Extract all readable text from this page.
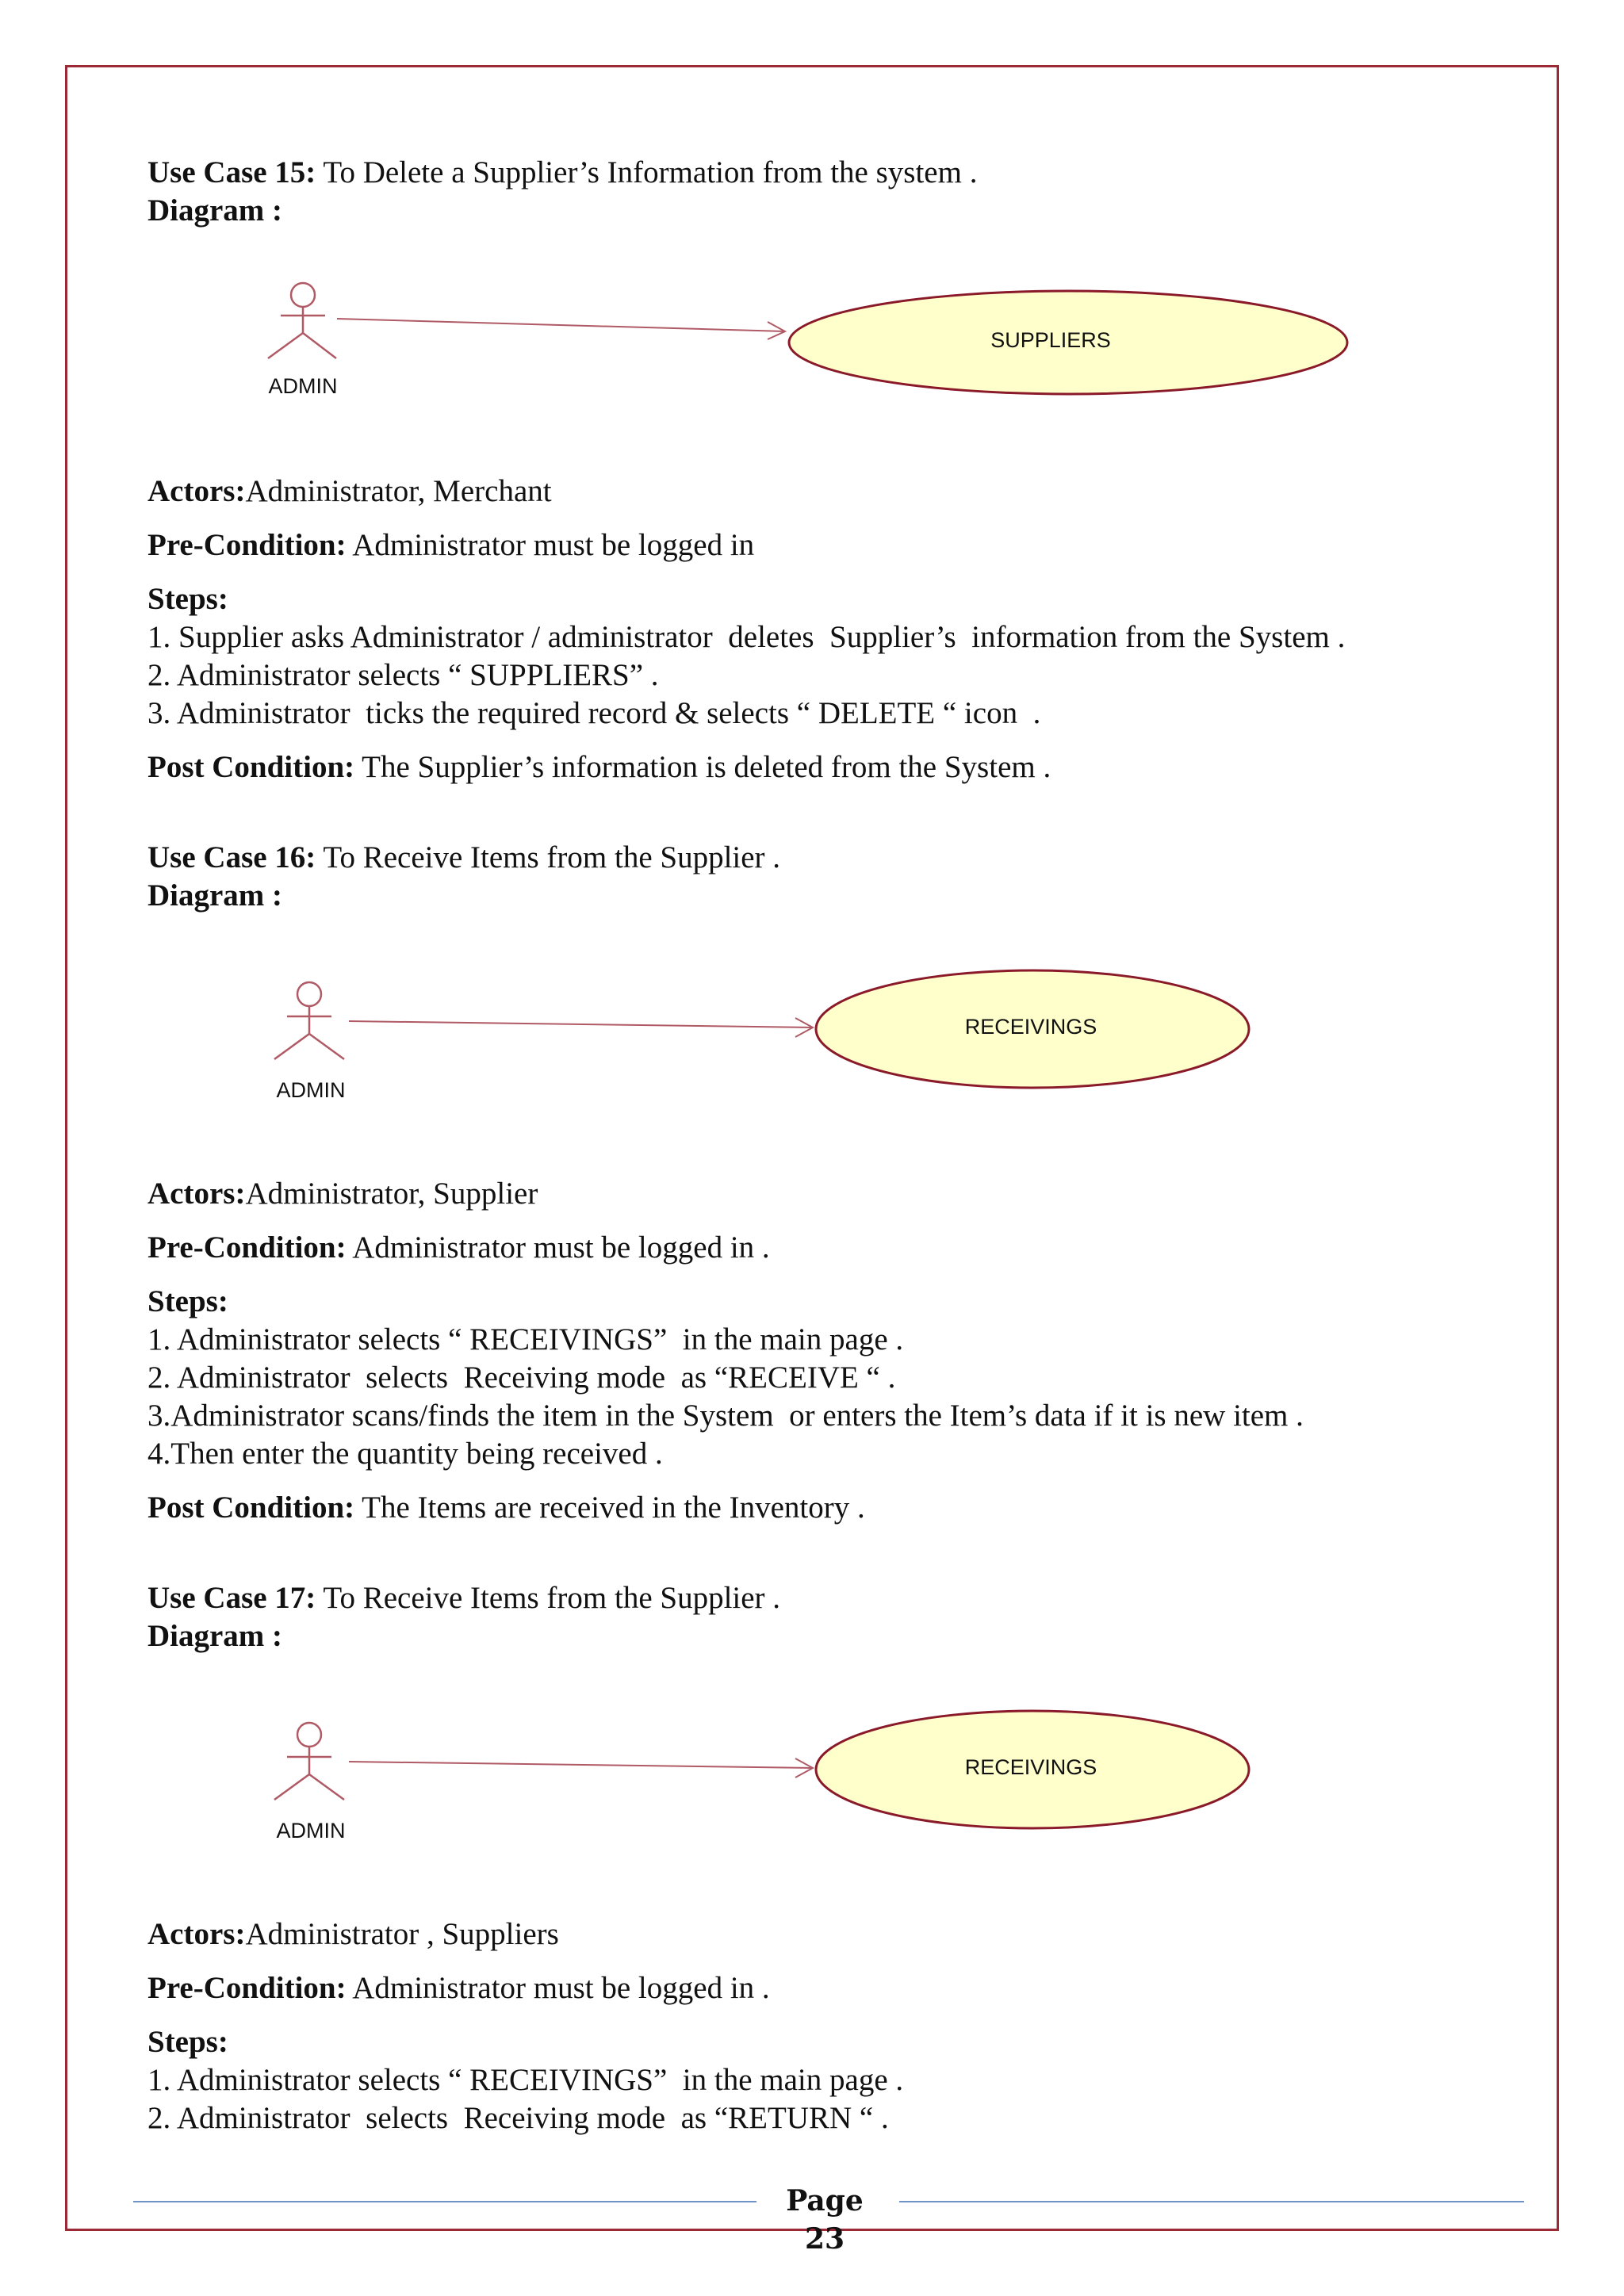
Use Case 15: To Delete a Supplier’s Information from the system .
Diagram :
SUPPLIERS
ADMIN
Actors:Administrator, Merchant
Pre-Condition: Administrator must be logged in
Steps:
1. Supplier asks Administrator / administrator  deletes  Supplier’s  information from the System .
2. Administrator selects “ SUPPLIERS” .
3. Administrator  ticks the required record & selects “ DELETE “ icon  .
Post Condition: The Supplier’s information is deleted from the System .
Use Case 16: To Receive Items from the Supplier .
Diagram :
RECEIVINGS
ADMIN
Actors:Administrator, Supplier
Pre-Condition: Administrator must be logged in .
Steps:
1. Administrator selects “ RECEIVINGS”  in the main page .
2. Administrator  selects  Receiving mode  as “RECEIVE “ .
3.Administrator scans/finds the item in the System  or enters the Item’s data if it is new item .
4.Then enter the quantity being received .
Post Condition: The Items are received in the Inventory .
Use Case 17: To Receive Items from the Supplier .
Diagram :
RECEIVINGS
ADMIN
Actors:Administrator , Suppliers
Pre-Condition: Administrator must be logged in .
Steps:
1. Administrator selects “ RECEIVINGS”  in the main page .
2. Administrator  selects  Receiving mode  as “RETURN “ .
Page 23
